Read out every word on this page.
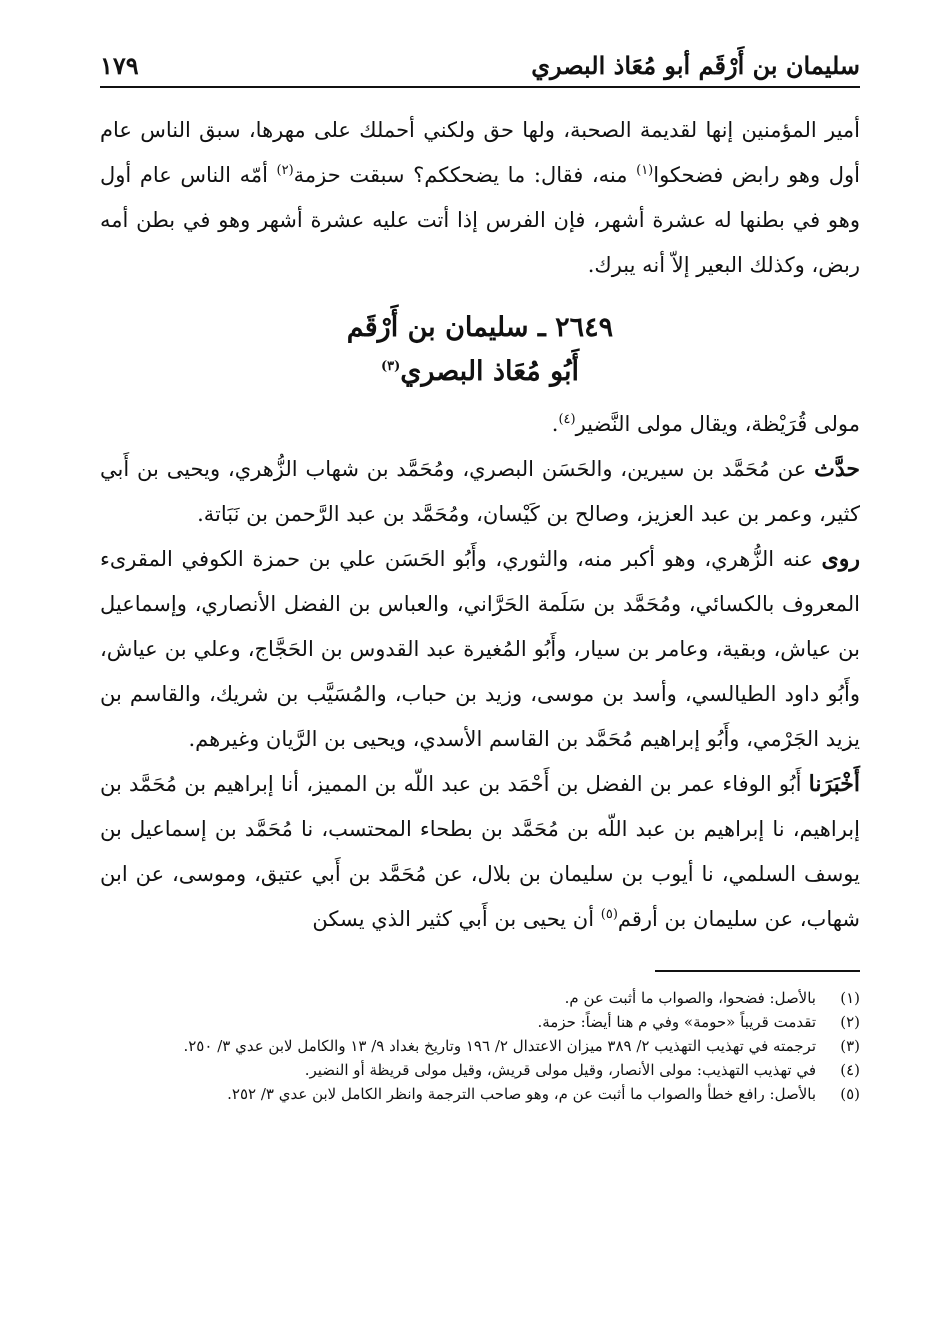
سليمان بن أَرْقَم أبو مُعَاذ البصري
١٧٩

أمير المؤمنين إنها لقديمة الصحبة، ولها حق ولكني أحملك على مهرها، سبق الناس عام أول وهو رابض فضحكوا$^{(١)}$ منه، فقال: ما يضحككم؟ سبقت حزمة$^{(٢)}$ أمّه الناس عام أول وهو في بطنها له عشرة أشهر، فإن الفرس إذا أتت عليه عشرة أشهر وهو في بطن أمه ربض، وكذلك البعير إلاّ أنه يبرك.

٢٦٤٩ ـ سليمان بن أَرْقَم
أَبُو مُعَاذ البصري$^{(٣)}$

مولى قُرَيْظة، ويقال مولى النَّضير$^{(٤)}$.

حدَّث عن مُحَمَّد بن سيرين، والحَسَن البصري، ومُحَمَّد بن شهاب الزُّهري، ويحيى بن أَبي كثير، وعمر بن عبد العزيز، وصالح بن كَيْسان، ومُحَمَّد بن عبد الرَّحمن بن نَبَاتة.

روى عنه الزُّهري، وهو أكبر منه، والثوري، وأَبُو الحَسَن علي بن حمزة الكوفي المقرىء المعروف بالكسائي، ومُحَمَّد بن سَلَمة الحَرَّاني، والعباس بن الفضل الأنصاري، وإسماعيل بن عياش، وبقية، وعامر بن سيار، وأَبُو المُغيرة عبد القدوس بن الحَجَّاج، وعلي بن عياش، وأَبُو داود الطيالسي، وأسد بن موسى، وزيد بن حباب، والمُسَيَّب بن شريك، والقاسم بن يزيد الجَرْمي، وأَبُو إبراهيم مُحَمَّد بن القاسم الأسدي، ويحيى بن الرَّيان وغيرهم.

أَخْبَرَنا أَبُو الوفاء عمر بن الفضل بن أَحْمَد بن عبد اللّه بن المميز، أنا إبراهيم بن مُحَمَّد بن إبراهيم، نا إبراهيم بن عبد اللّه بن مُحَمَّد بن بطحاء المحتسب، نا مُحَمَّد بن إسماعيل بن يوسف السلمي، نا أيوب بن سليمان بن بلال، عن مُحَمَّد بن أَبي عتيق، وموسى، عن ابن شهاب، عن سليمان بن أرقم$^{(٥)}$ أن يحيى بن أَبي كثير الذي يسكن

(١)
بالأصل: فضحوا، والصواب ما أثبت عن م.
(٢)
تقدمت قريباً «حومة» وفي م هنا أيضاً: حزمة.
(٣)
ترجمته في تهذيب التهذيب ٢/ ٣٨٩ ميزان الاعتدال ٢/ ١٩٦ وتاريخ بغداد ٩/ ١٣ والكامل لابن عدي ٣/ ٢٥٠.
(٤)
في تهذيب التهذيب: مولى الأنصار، وقيل مولى قريش، وقيل مولى قريظة أو النضير.
(٥)
بالأصل: رافع خطأ والصواب ما أثبت عن م، وهو صاحب الترجمة وانظر الكامل لابن عدي ٣/ ٢٥٢.
